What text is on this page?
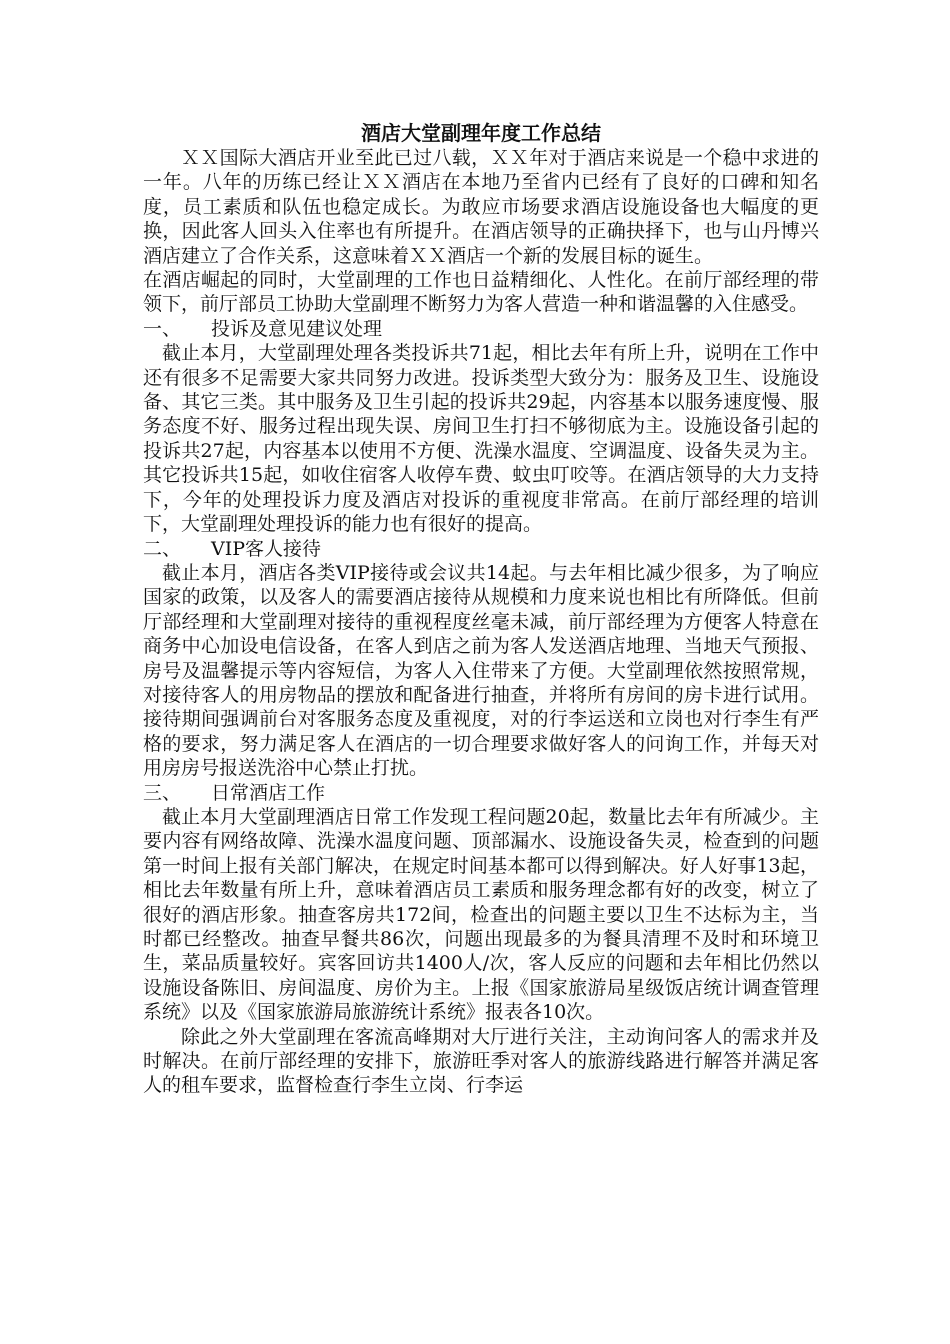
酒店大堂副理年度工作总结

ＸＸ国际大酒店开业至此已过八载，ＸＸ年对于酒店来说是一个稳中求进的一年。八年的历练已经让ＸＸ酒店在本地乃至省内已经有了良好的口碑和知名度，员工素质和队伍也稳定成长。为敢应市场要求酒店设施设备也大幅度的更换，因此客人回头入住率也有所提升。在酒店领导的正确抉择下，也与山丹博兴酒店建立了合作关系，这意味着ＸＸ酒店一个新的发展目标的诞生。

在酒店崛起的同时，大堂副理的工作也日益精细化、人性化。在前厅部经理的带领下，前厅部员工协助大堂副理不断努力为客人营造一种和谐温馨的入住感受。

一、 投诉及意见建议处理

截止本月，大堂副理处理各类投诉共71起，相比去年有所上升，说明在工作中还有很多不足需要大家共同努力改进。投诉类型大致分为：服务及卫生、设施设备、其它三类。其中服务及卫生引起的投诉共29起，内容基本以服务速度慢、服务态度不好、服务过程出现失误、房间卫生打扫不够彻底为主。设施设备引起的投诉共27起，内容基本以使用不方便、洗澡水温度、空调温度、设备失灵为主。其它投诉共15起，如收住宿客人收停车费、蚊虫叮咬等。在酒店领导的大力支持下，今年的处理投诉力度及酒店对投诉的重视度非常高。在前厅部经理的培训下，大堂副理处理投诉的能力也有很好的提高。

二、 VIP客人接待

截止本月，酒店各类VIP接待或会议共14起。与去年相比减少很多，为了响应国家的政策，以及客人的需要酒店接待从规模和力度来说也相比有所降低。但前厅部经理和大堂副理对接待的重视程度丝毫未减，前厅部经理为方便客人特意在商务中心加设电信设备，在客人到店之前为客人发送酒店地理、当地天气预报、房号及温馨提示等内容短信，为客人入住带来了方便。大堂副理依然按照常规，对接待客人的用房物品的摆放和配备进行抽查，并将所有房间的房卡进行试用。接待期间强调前台对客服务态度及重视度，对的行李运送和立岗也对行李生有严格的要求，努力满足客人在酒店的一切合理要求做好客人的问询工作，并每天对用房房号报送洗浴中心禁止打扰。

三、 日常酒店工作

截止本月大堂副理酒店日常工作发现工程问题20起，数量比去年有所减少。主要内容有网络故障、洗澡水温度问题、顶部漏水、设施设备失灵，检查到的问题第一时间上报有关部门解决，在规定时间基本都可以得到解决。好人好事13起，相比去年数量有所上升，意味着酒店员工素质和服务理念都有好的改变，树立了很好的酒店形象。抽查客房共172间，检查出的问题主要以卫生不达标为主，当时都已经整改。抽查早餐共86次，问题出现最多的为餐具清理不及时和环境卫生，菜品质量较好。宾客回访共1400人/次，客人反应的问题和去年相比仍然以设施设备陈旧、房间温度、房价为主。上报《国家旅游局星级饭店统计调查管理系统》以及《国家旅游局旅游统计系统》报表各10次。

除此之外大堂副理在客流高峰期对大厅进行关注，主动询问客人的需求并及时解决。在前厅部经理的安排下，旅游旺季对客人的旅游线路进行解答并满足客人的租车要求，监督检查行李生立岗、行李运
